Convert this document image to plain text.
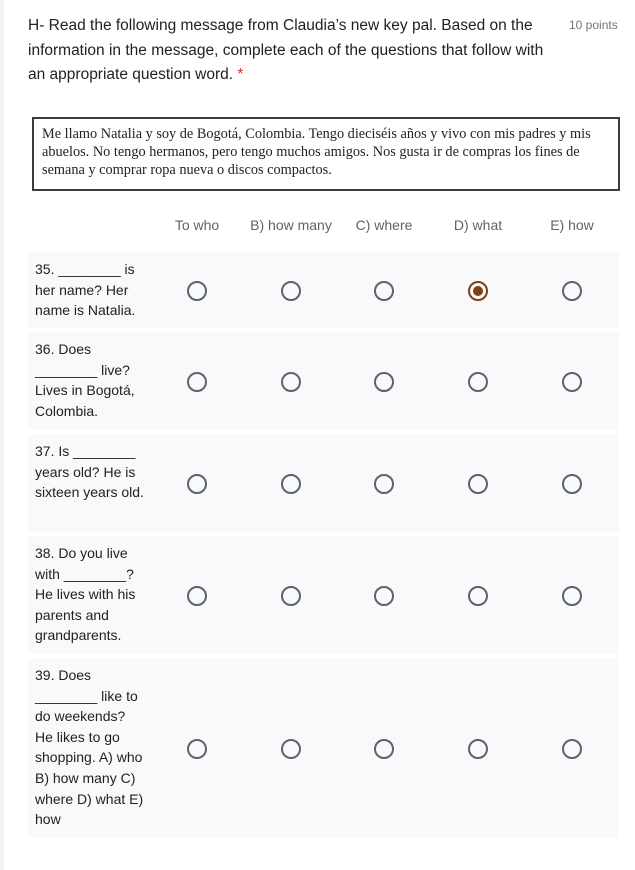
H- Read the following message from Claudia’s new key pal. Based on the information in the message, complete each of the questions that follow with an appropriate question word. *
10 points
Me llamo Natalia y soy de Bogotá, Colombia. Tengo dieciséis años y vivo con mis padres y mis abuelos. No tengo hermanos, pero tengo muchos amigos. Nos gusta ir de compras los fines de semana y comprar ropa nueva o discos compactos.
To who B) how many C) where	D) what	E) how
35. ________ is her name? Her name is Natalia.
36. Does ________ live? Lives in Bogotá, Colombia.
37. Is ________ years old? He is sixteen years old.
38. Do you live with ________? He lives with his parents and grandparents.
39. Does ________ like to do weekends? He likes to go shopping. A) who B) how many C) where D) what E) how
